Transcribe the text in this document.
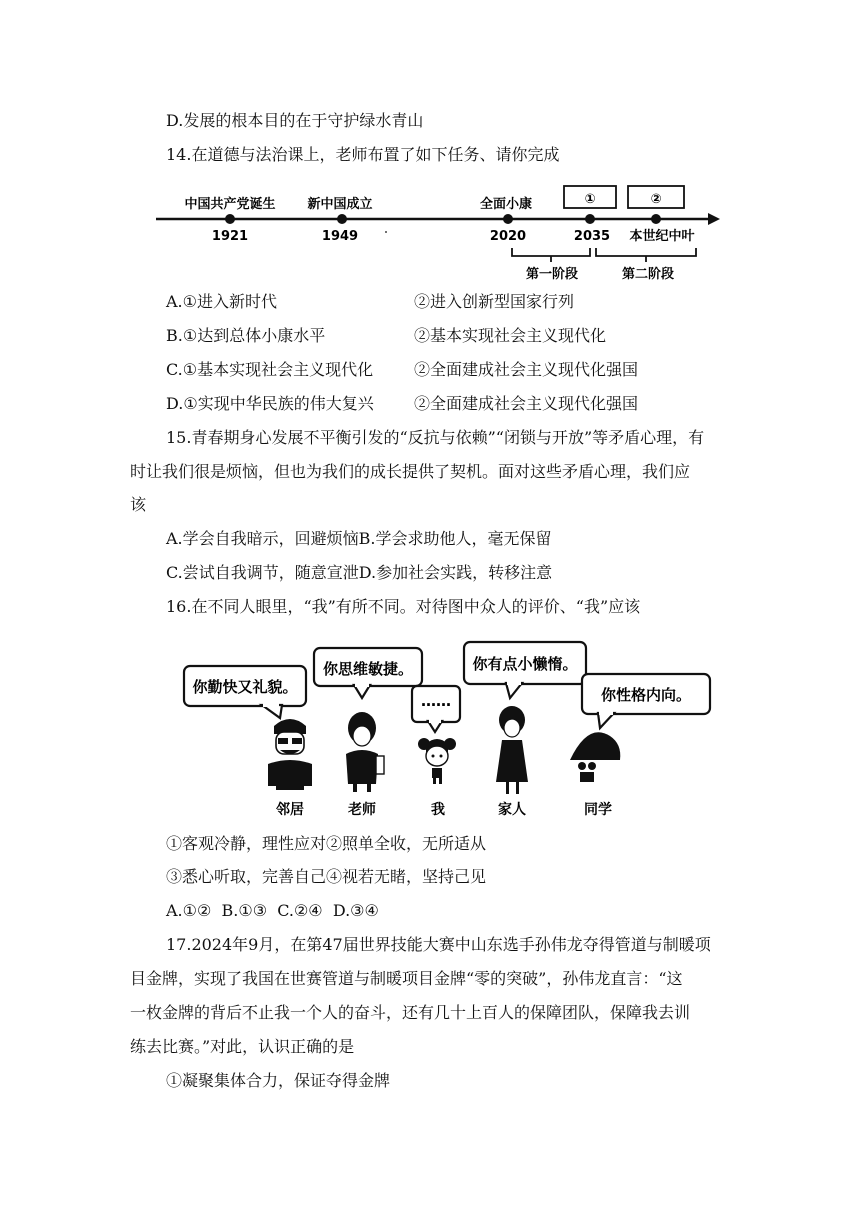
D.发展的根本目的在于守护绿水青山
14.在道德与法治课上，老师布置了如下任务、请你完成
中国共产党诞生 新中国成立	全面小康	①	②
1921	1949	2020	2035 本世纪中叶
第一阶段	第二阶段
A.①进入新时代	②进入创新型国家行列
B.①达到总体小康水平	②基本实现社会主义现代化
C.①基本实现社会主义现代化	②全面建成社会主义现代化强国
D.①实现中华民族的伟大复兴	②全面建成社会主义现代化强国
15.青春期身心发展不平衡引发的“反抗与依赖”“闭锁与开放”等矛盾心理，有
时让我们很是烦恼，但也为我们的成长提供了契机。面对这些矛盾心理，我们应
该
A.学会自我暗示，回避烦恼B.学会求助他人，毫无保留
C.尝试自我调节，随意宣泄D.参加社会实践，转移注意
16.在不同人眼里，“我”有所不同。对待图中众人的评价、“我”应该
你勤快又礼貌。
你思维敏捷。
……
你有点小懒惰。
你性格内向。
邻居	老师	我	家人	同学
①客观冷静，理性应对②照单全收，无所适从
③悉心听取，完善自己④视若无睹，坚持己见
A.①②  B.①③  C.②④  D.③④
17.2024年9月，在第47届世界技能大赛中山东选手孙伟龙夺得管道与制暖项
目金牌，实现了我国在世赛管道与制暖项目金牌“零的突破”，孙伟龙直言：“这
一枚金牌的背后不止我一个人的奋斗，还有几十上百人的保障团队，保障我去训
练去比赛。”对此，认识正确的是
①凝聚集体合力，保证夺得金牌
